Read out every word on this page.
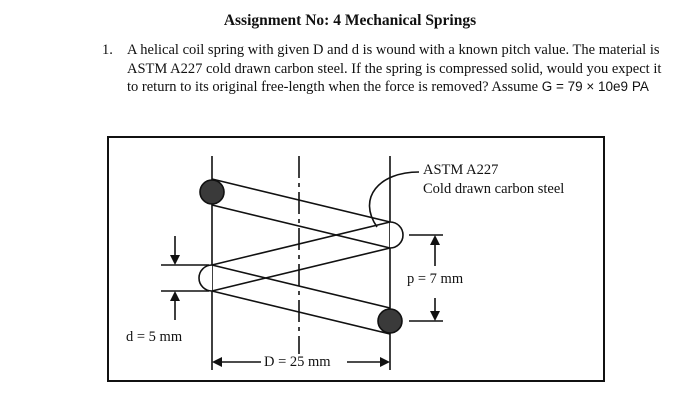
Assignment No: 4 Mechanical Springs
1. A helical coil spring with given D and d is wound with a known pitch value. The material is ASTM A227 cold drawn carbon steel. If the spring is compressed solid, would you expect it to return to its original free-length when the force is removed? Assume G = 79 × 10e9 PA
ASTM A227
Cold drawn carbon steel
p = 7 mm
d = 5 mm
D = 25 mm
